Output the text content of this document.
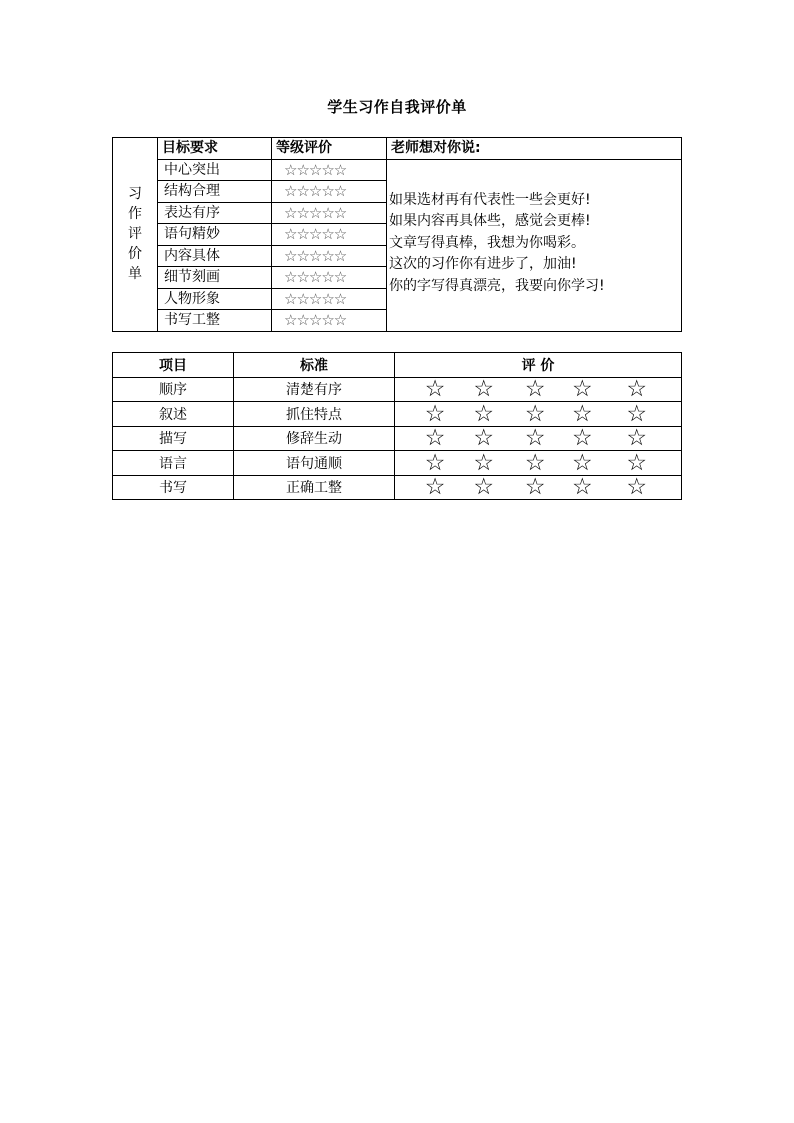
学生习作自我评价单
习
作
评
价
单	目标要求	等级评价	老师想对你说:
	中心突出	☆☆☆☆☆	如果选材再有代表性一些会更好!
如果内容再具体些，感觉会更棒!
文章写得真棒，我想为你喝彩。
这次的习作你有进步了，加油!
你的字写得真漂亮，我要向你学习!

	结构合理	☆☆☆☆☆	
	表达有序	☆☆☆☆☆	
	语句精妙	☆☆☆☆☆	
	内容具体	☆☆☆☆☆	
	细节刻画	☆☆☆☆☆	
	人物形象	☆☆☆☆☆	
	书写工整	☆☆☆☆☆	
项目	标准	评 价
顺序	清楚有序	☆ ☆ ☆ ☆ ☆

叙述	抓住特点	☆ ☆ ☆ ☆ ☆

描写	修辞生动	☆ ☆ ☆ ☆ ☆

语言	语句通顺	☆ ☆ ☆ ☆ ☆

书写	正确工整	☆ ☆ ☆ ☆ ☆
